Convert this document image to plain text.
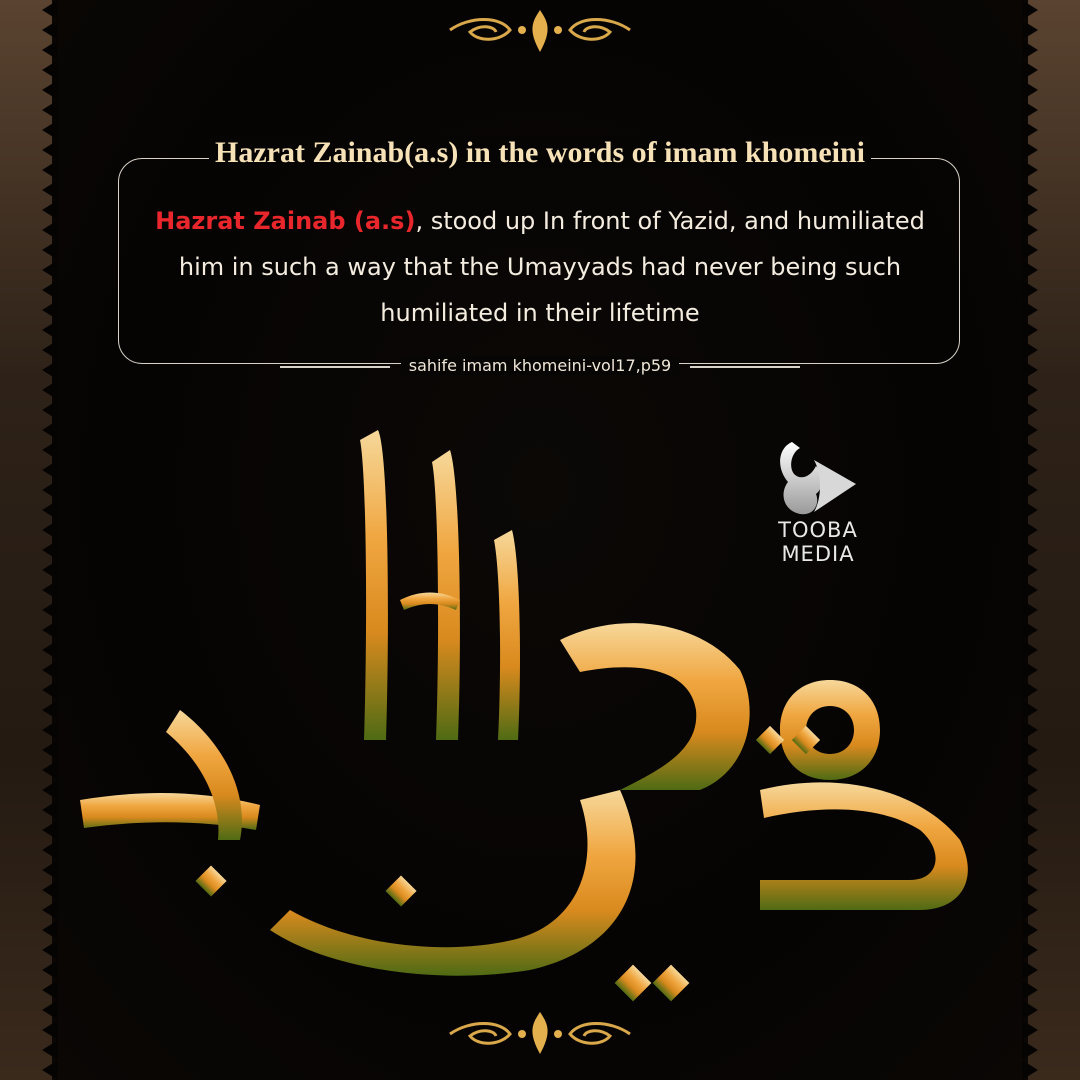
Hazrat Zainab(a.s) in the words of imam khomeini
Hazrat Zainab (a.s), stood up In front of Yazid, and humiliated
him in such a way that the Umayyads had never being such
humiliated in their lifetime
sahife imam khomeini-vol17,p59
TOOBA MEDIA
عقیله الطالبین
